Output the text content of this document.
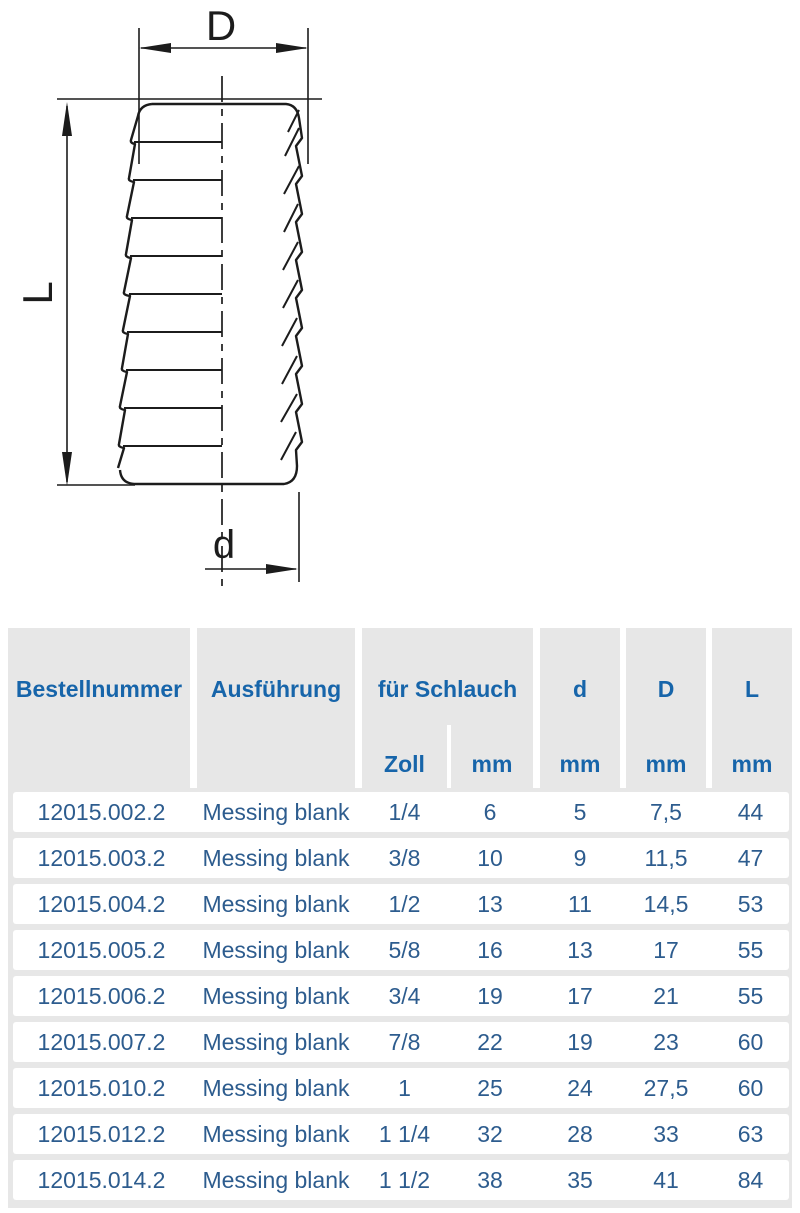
D
L
d
Bestellnummer	Ausführung	für Schlauch
Zoll	mm
d
mm
D
mm
L
mm
12015.002.2	Messing blank	1/4	6	5	7,5	44
12015.003.2	Messing blank	3/8	10	9	11,5	47
12015.004.2	Messing blank	1/2	13	11	14,5	53
12015.005.2	Messing blank	5/8	16	13	17	55
12015.006.2	Messing blank	3/4	19	17	21	55
12015.007.2	Messing blank	7/8	22	19	23	60
12015.010.2	Messing blank	1	25	24	27,5	60
12015.012.2	Messing blank	1 1/4	32	28	33	63
12015.014.2	Messing blank	1 1/2	38	35	41	84
